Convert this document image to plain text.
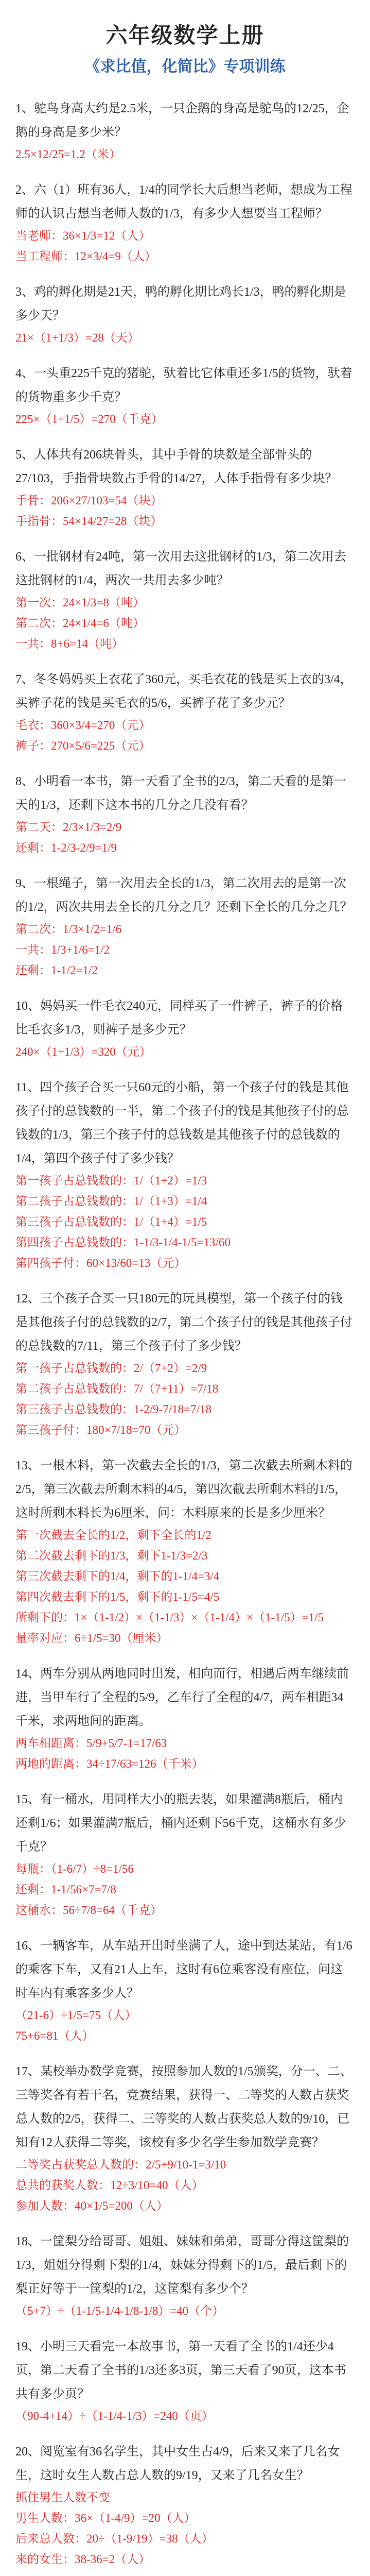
六年级数学上册
《求比值，化简比》专项训练

1、鸵鸟身高大约是2.5米，一只企鹅的身高是鸵鸟的12/25，企鹅的身高是多少米？

2.5×12/25=1.2（米）

2、六（1）班有36人，1/4的同学长大后想当老师，想成为工程师的认识占想当老师人数的1/3，有多少人想要当工程师？

当老师：36×1/3=12（人）

当工程师：12×3/4=9（人）

3、鸡的孵化期是21天，鸭的孵化期比鸡长1/3，鸭的孵化期是多少天？

21×（1+1/3）=28（天）

4、一头重225千克的猪驼，驮着比它体重还多1/5的货物，驮着的货物重多少千克？

225×（1+1/5）=270（千克）

5、人体共有206块骨头，其中手骨的块数是全部骨头的27/103，手指骨块数占手骨的14/27，人体手指骨有多少块？

手骨：206×27/103=54（块）

手指骨：54×14/27=28（块）

6、一批钢材有24吨，第一次用去这批钢材的1/3，第二次用去这批钢材的1/4，两次一共用去多少吨？

第一次：24×1/3=8（吨）

第二次：24×1/4=6（吨）

一共：8+6=14（吨）

7、冬冬妈妈买上衣花了360元，买毛衣花的钱是买上衣的3/4，买裤子花的钱是买毛衣的5/6，买裤子花了多少元？

毛衣：360×3/4=270（元）

裤子：270×5/6=225（元）

8、小明看一本书，第一天看了全书的2/3，第二天看的是第一天的1/3，还剩下这本书的几分之几没有看？

第二天：2/3×1/3=2/9

还剩：1-2/3-2/9=1/9

9、一根绳子，第一次用去全长的1/3，第二次用去的是第一次的1/2，两次共用去全长的几分之几？还剩下全长的几分之几？

第二次：1/3×1/2=1/6

一共：1/3+1/6=1/2

还剩：1-1/2=1/2

10、妈妈买一件毛衣240元，同样买了一件裤子，裤子的价格比毛衣多1/3，则裤子是多少元？

240×（1+1/3）=320（元）

11、四个孩子合买一只60元的小船，第一个孩子付的钱是其他孩子付的总钱数的一半，第二个孩子付的钱是其他孩子付的总钱数的1/3，第三个孩子付的总钱数是其他孩子付的总钱数的1/4，第四个孩子付了多少钱？

第一孩子占总钱数的：1/（1+2）=1/3

第二孩子占总钱数的：1/（1+3）=1/4

第三孩子占总钱数的：1/（1+4）=1/5

第四孩子占总钱数的：1-1/3-1/4-1/5=13/60

第四孩子付：60×13/60=13（元）

12、三个孩子合买一只180元的玩具模型，第一个孩子付的钱是其他孩子付的总钱数的2/7，第二个孩子付的钱是其他孩子付的总钱数的7/11，第三个孩子付了多少钱？

第一孩子占总钱数的：2/（7+2）=2/9

第二孩子占总钱数的：7/（7+11）=7/18

第三孩子占总钱数的：1-2/9-7/18=7/18

第三孩子付：180×7/18=70（元）

13、一根木料，第一次截去全长的1/3，第二次截去所剩木料的2/5，第三次截去所剩木料的4/5，第四次截去所剩木料的1/5，这时所剩木料长为6厘米，问：木料原来的长是多少厘米？

第一次截去全长的1/2，剩下全长的1/2

第二次截去剩下的1/3，剩下1-1/3=2/3

第三次截去剩下的1/4，剩下的1-1/4=3/4

第四次截去剩下的1/5，剩下的1-1/5=4/5

所剩下的：1×（1-1/2）×（1-1/3）×（1-1/4）×（1-1/5）=1/5

量率对应：6÷1/5=30（厘米）

14、两车分别从两地同时出发，相向而行，相遇后两车继续前进，当甲车行了全程的5/9，乙车行了全程的4/7，两车相距34千米，求两地间的距离。

两车相距离：5/9+5/7-1=17/63

两地的距离：34÷17/63=126（千米）

15、有一桶水，用同样大小的瓶去装，如果灌满8瓶后，桶内还剩1/6；如果灌满7瓶后，桶内还剩下56千克，这桶水有多少千克？

每瓶：（1-6/7）÷8=1/56

还剩：1-1/56×7=7/8

这桶水：56÷7/8=64（千克）

16、一辆客车，从车站开出时坐满了人，途中到达某站，有1/6的乘客下车，又有21人上车，这时有6位乘客没有座位，问这时车内有乘客多少人？

（21-6）÷1/5=75（人）

75+6=81（人）

17、某校举办数学竞赛，按照参加人数的1/5颁奖，分一、二、三等奖各有若干名，竞赛结果，获得一、二等奖的人数占获奖总人数的2/5，获得二、三等奖的人数占获奖总人数的9/10，已知有12人获得二等奖，该校有多少名学生参加数学竞赛？

二等奖占获奖总人数的：2/5+9/10-1=3/10

总共的获奖人数：12÷3/10=40（人）

参加人数：40×1/5=200（人）

18、一筐梨分给哥哥、姐姐、妹妹和弟弟，哥哥分得这筐梨的1/3，姐姐分得剩下梨的1/4，妹妹分得剩下的1/5，最后剩下的梨正好等于一筐梨的1/2，这筐梨有多少个？

（5+7）÷（1-1/5-1/4-1/8-1/8）=40（个）

19、小明三天看完一本故事书，第一天看了全书的1/4还少4页，第二天看了全书的1/3还多3页，第三天看了90页，这本书共有多少页？

（90-4+14）÷（1-1/4-1/3）=240（页）

20、阅览室有36名学生，其中女生占4/9，后来又来了几名女生，这时女生人数占总人数的9/19，又来了几名女生？

抓住男生人数不变

男生人数：36×（1-4/9）=20（人）

后来总人数：20÷（1-9/19）=38（人）

来的女生：38-36=2（人）
